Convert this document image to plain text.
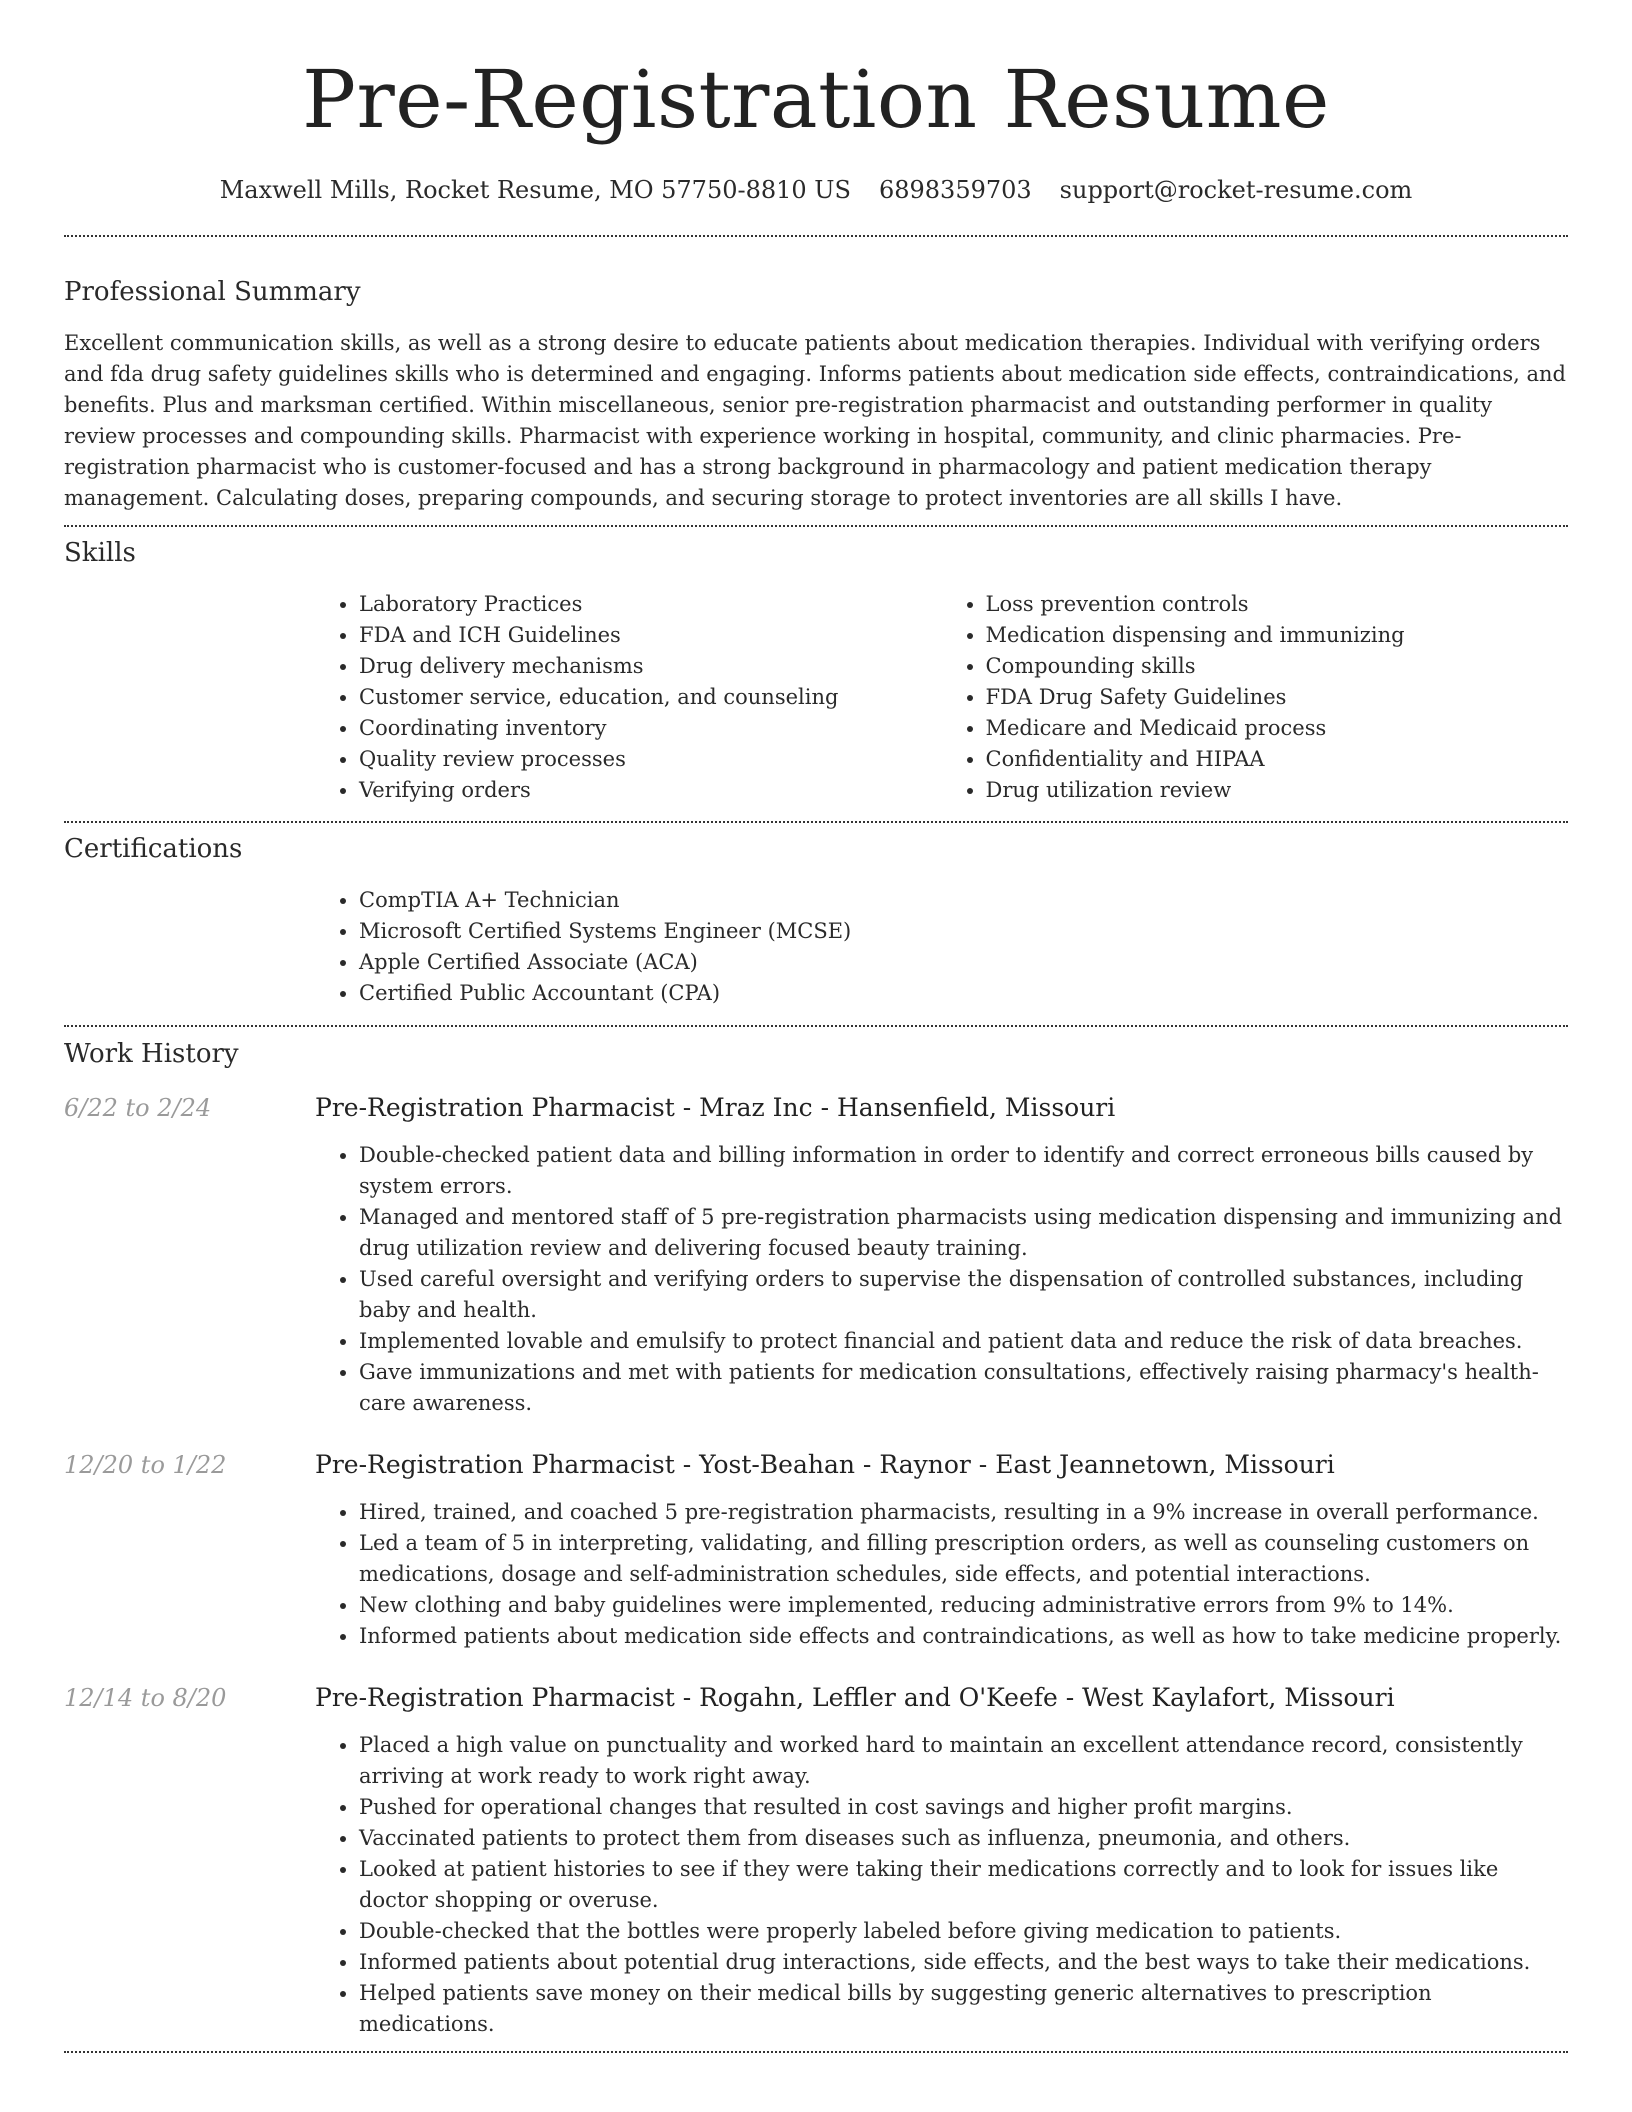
Pre-Registration Resume
Maxwell Mills, Rocket Resume, MO 57750-8810 US 6898359703 support@rocket-resume.com
Professional Summary

Excellent communication skills, as well as a strong desire to educate patients about medication therapies. Individual with verifying orders and fda drug safety guidelines skills who is determined and engaging. Informs patients about medication side effects, contraindications, and benefits. Plus and marksman certified. Within miscellaneous, senior pre-registration pharmacist and outstanding performer in quality review processes and compounding skills. Pharmacist with experience working in hospital, community, and clinic pharmacies. Pre-registration pharmacist who is customer-focused and has a strong background in pharmacology and patient medication therapy management. Calculating doses, preparing compounds, and securing storage to protect inventories are all skills I have.

Skills
• Laboratory Practices
• FDA and ICH Guidelines
• Drug delivery mechanisms
• Customer service, education, and counseling
• Coordinating inventory
• Quality review processes
• Verifying orders
• Loss prevention controls
• Medication dispensing and immunizing
• Compounding skills
• FDA Drug Safety Guidelines
• Medicare and Medicaid process
• Confidentiality and HIPAA
• Drug utilization review
Certifications
• CompTIA A+ Technician
• Microsoft Certified Systems Engineer (MCSE)
• Apple Certified Associate (ACA)
• Certified Public Accountant (CPA)
Work History
6/22 to 2/24	Pre-Registration Pharmacist - Mraz Inc - Hansenfield, Missouri
• Double-checked patient data and billing information in order to identify and correct erroneous bills caused by system errors.
• Managed and mentored staff of 5 pre-registration pharmacists using medication dispensing and immunizing and drug utilization review and delivering focused beauty training.
• Used careful oversight and verifying orders to supervise the dispensation of controlled substances, including baby and health.
• Implemented lovable and emulsify to protect financial and patient data and reduce the risk of data breaches.
• Gave immunizations and met with patients for medication consultations, effectively raising pharmacy's health-care awareness.
12/20 to 1/22	Pre-Registration Pharmacist - Yost-Beahan - Raynor - East Jeannetown, Missouri
• Hired, trained, and coached 5 pre-registration pharmacists, resulting in a 9% increase in overall performance.
• Led a team of 5 in interpreting, validating, and filling prescription orders, as well as counseling customers on medications, dosage and self-administration schedules, side effects, and potential interactions.
• New clothing and baby guidelines were implemented, reducing administrative errors from 9% to 14%.
• Informed patients about medication side effects and contraindications, as well as how to take medicine properly.
12/14 to 8/20	Pre-Registration Pharmacist - Rogahn, Leffler and O'Keefe - West Kaylafort, Missouri
• Placed a high value on punctuality and worked hard to maintain an excellent attendance record, consistently arriving at work ready to work right away.
• Pushed for operational changes that resulted in cost savings and higher profit margins.
• Vaccinated patients to protect them from diseases such as influenza, pneumonia, and others.
• Looked at patient histories to see if they were taking their medications correctly and to look for issues like doctor shopping or overuse.
• Double-checked that the bottles were properly labeled before giving medication to patients.
• Informed patients about potential drug interactions, side effects, and the best ways to take their medications.
• Helped patients save money on their medical bills by suggesting generic alternatives to prescription medications.
